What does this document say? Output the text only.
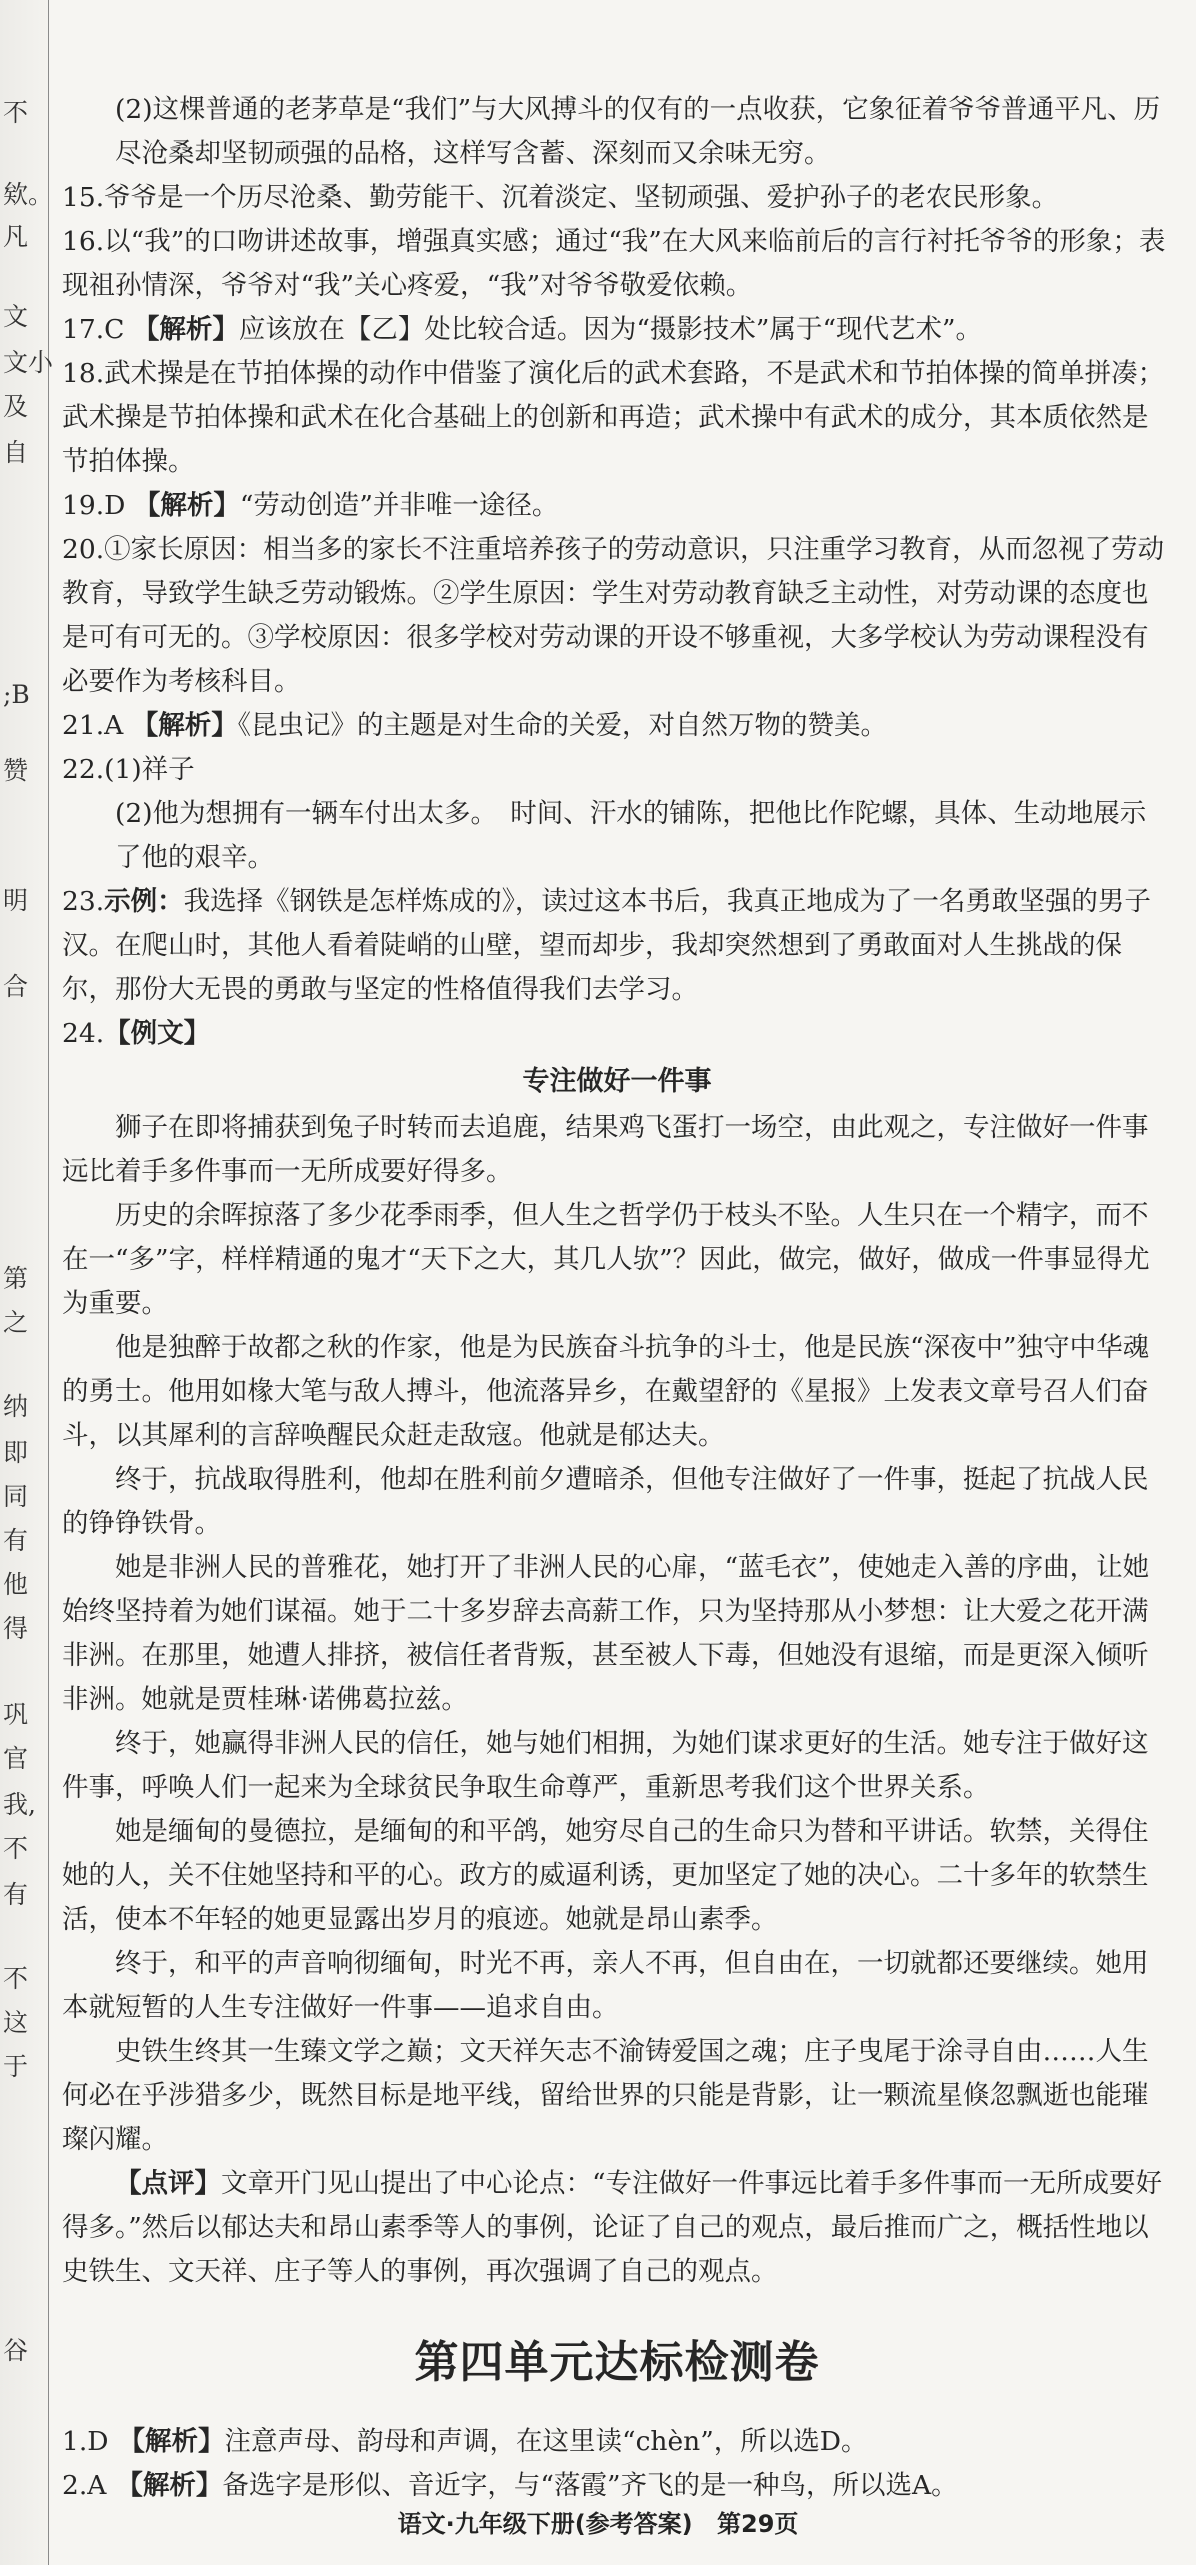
不
欸。
凡
文
文小
及
自
;B
赞
明
合
第
之
纳
即
同
有
他
得
巩
官
我,
不
有
不
这
于
谷

(2)这棵普通的老茅草是“我们”与大风搏斗的仅有的一点收获，它象征着爷爷普通平凡、历尽沧桑却坚韧顽强的品格，这样写含蓄、深刻而又余味无穷。

15.爷爷是一个历尽沧桑、勤劳能干、沉着淡定、坚韧顽强、爱护孙子的老农民形象。

16.以“我”的口吻讲述故事，增强真实感；通过“我”在大风来临前后的言行衬托爷爷的形象；表现祖孙情深，爷爷对“我”关心疼爱，“我”对爷爷敬爱依赖。

17.C 【解析】应该放在【乙】处比较合适。因为“摄影技术”属于“现代艺术”。

18.武术操是在节拍体操的动作中借鉴了演化后的武术套路，不是武术和节拍体操的简单拼凑；武术操是节拍体操和武术在化合基础上的创新和再造；武术操中有武术的成分，其本质依然是节拍体操。

19.D 【解析】“劳动创造”并非唯一途径。

20.①家长原因：相当多的家长不注重培养孩子的劳动意识，只注重学习教育，从而忽视了劳动教育，导致学生缺乏劳动锻炼。②学生原因：学生对劳动教育缺乏主动性，对劳动课的态度也是可有可无的。③学校原因：很多学校对劳动课的开设不够重视，大多学校认为劳动课程没有必要作为考核科目。

21.A 【解析】《昆虫记》的主题是对生命的关爱，对自然万物的赞美。

22.(1)祥子

(2)他为想拥有一辆车付出太多。　时间、汗水的铺陈，把他比作陀螺，具体、生动地展示了他的艰辛。

23.示例：我选择《钢铁是怎样炼成的》，读过这本书后，我真正地成为了一名勇敢坚强的男子汉。在爬山时，其他人看着陡峭的山壁，望而却步，我却突然想到了勇敢面对人生挑战的保尔，那份大无畏的勇敢与坚定的性格值得我们去学习。

24.【例文】

专注做好一件事

狮子在即将捕获到兔子时转而去追鹿，结果鸡飞蛋打一场空，由此观之，专注做好一件事远比着手多件事而一无所成要好得多。

历史的余晖掠落了多少花季雨季，但人生之哲学仍于枝头不坠。人生只在一个精字，而不在一“多”字，样样精通的鬼才“天下之大，其几人欤”？因此，做完，做好，做成一件事显得尤为重要。

他是独醉于故都之秋的作家，他是为民族奋斗抗争的斗士，他是民族“深夜中”独守中华魂的勇士。他用如椽大笔与敌人搏斗，他流落异乡，在戴望舒的《星报》上发表文章号召人们奋斗，以其犀利的言辞唤醒民众赶走敌寇。他就是郁达夫。

终于，抗战取得胜利，他却在胜利前夕遭暗杀，但他专注做好了一件事，挺起了抗战人民的铮铮铁骨。

她是非洲人民的普雅花，她打开了非洲人民的心扉，“蓝毛衣”，使她走入善的序曲，让她始终坚持着为她们谋福。她于二十多岁辞去高薪工作，只为坚持那从小梦想：让大爱之花开满非洲。在那里，她遭人排挤，被信任者背叛，甚至被人下毒，但她没有退缩，而是更深入倾听非洲。她就是贾桂琳·诺佛葛拉兹。

终于，她赢得非洲人民的信任，她与她们相拥，为她们谋求更好的生活。她专注于做好这件事，呼唤人们一起来为全球贫民争取生命尊严，重新思考我们这个世界关系。

她是缅甸的曼德拉，是缅甸的和平鸽，她穷尽自己的生命只为替和平讲话。软禁，关得住她的人，关不住她坚持和平的心。政方的威逼利诱，更加坚定了她的决心。二十多年的软禁生活，使本不年轻的她更显露出岁月的痕迹。她就是昂山素季。

终于，和平的声音响彻缅甸，时光不再，亲人不再，但自由在，一切就都还要继续。她用本就短暂的人生专注做好一件事——追求自由。

史铁生终其一生臻文学之巅；文天祥矢志不渝铸爱国之魂；庄子曳尾于涂寻自由……人生何必在乎涉猎多少，既然目标是地平线，留给世界的只能是背影，让一颗流星倏忽飘逝也能璀璨闪耀。

【点评】文章开门见山提出了中心论点：“专注做好一件事远比着手多件事而一无所成要好得多。”然后以郁达夫和昂山素季等人的事例，论证了自己的观点，最后推而广之，概括性地以史铁生、文天祥、庄子等人的事例，再次强调了自己的观点。

第四单元达标检测卷

1.D 【解析】注意声母、韵母和声调，在这里读“chèn”，所以选D。

2.A 【解析】备选字是形似、音近字，与“落霞”齐飞的是一种鸟，所以选A。

语文·九年级下册(参考答案) 第29页
